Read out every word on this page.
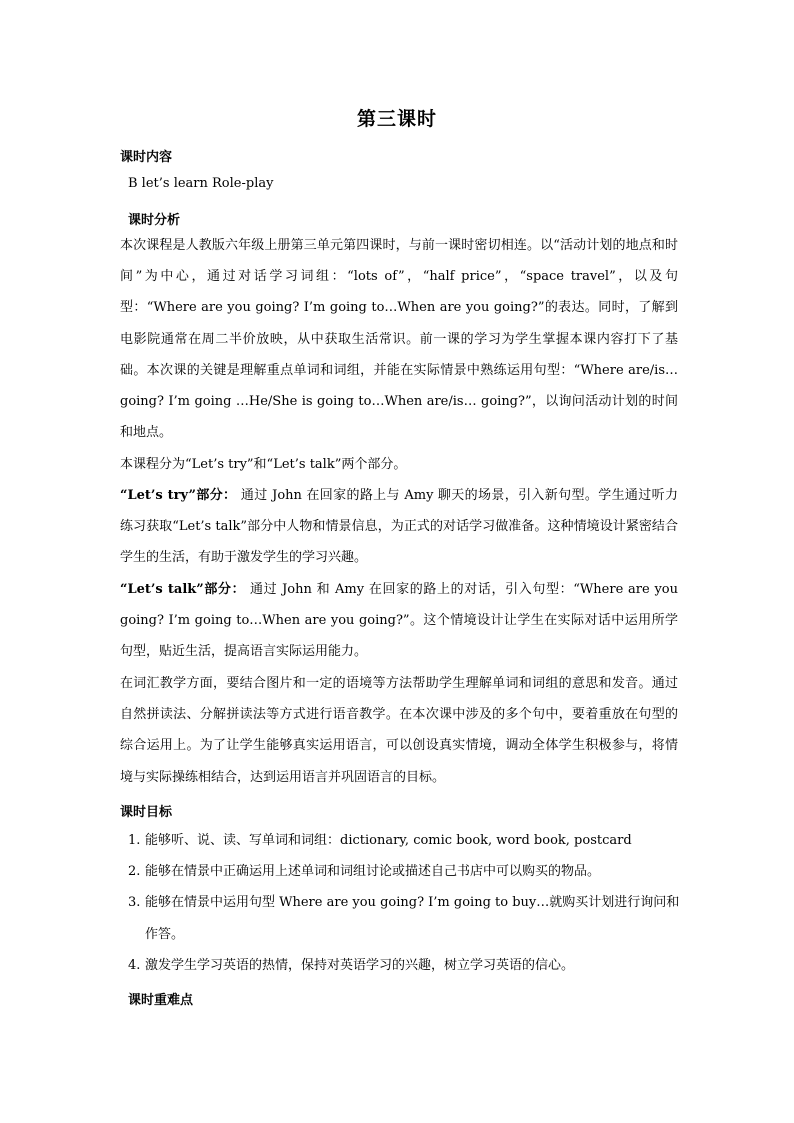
第三课时
课时内容
B let’s learn Role-play
课时分析
本次课程是人教版六年级上册第三单元第四课时，与前一课时密切相连。以“活动计划的地点和时间”为中心，通过对话学习词组：“lots of”，“half price”，“space travel”，以及句型：“Where are you going? I’m going to…When are you going?”的表达。同时，了解到电影院通常在周二半价放映，从中获取生活常识。前一课的学习为学生掌握本课内容打下了基础。本次课的关键是理解重点单词和词组，并能在实际情景中熟练运用句型：“Where are/is… going? I’m going …He/She is going to…When are/is… going?”，以询问活动计划的时间和地点。
本课程分为“Let’s try”和“Let’s talk”两个部分。
“Let’s try”部分： 通过 John 在回家的路上与 Amy 聊天的场景，引入新句型。学生通过听力练习获取“Let’s talk”部分中人物和情景信息，为正式的对话学习做准备。这种情境设计紧密结合学生的生活，有助于激发学生的学习兴趣。
“Let’s talk”部分： 通过 John 和 Amy 在回家的路上的对话，引入句型：“Where are you going? I’m going to…When are you going?”。这个情境设计让学生在实际对话中运用所学句型，贴近生活，提高语言实际运用能力。
在词汇教学方面，要结合图片和一定的语境等方法帮助学生理解单词和词组的意思和发音。通过自然拼读法、分解拼读法等方式进行语音教学。在本次课中涉及的多个句中，要着重放在句型的综合运用上。为了让学生能够真实运用语言，可以创设真实情境，调动全体学生积极参与，将情境与实际操练相结合，达到运用语言并巩固语言的目标。
课时目标
1. 能够听、说、读、写单词和词组：dictionary, comic book, word book, postcard
2. 能够在情景中正确运用上述单词和词组讨论或描述自己书店中可以购买的物品。
3. 能够在情景中运用句型 Where are you going? I’m going to buy…就购买计划进行询问和作答。
4. 激发学生学习英语的热情，保持对英语学习的兴趣，树立学习英语的信心。
课时重难点
